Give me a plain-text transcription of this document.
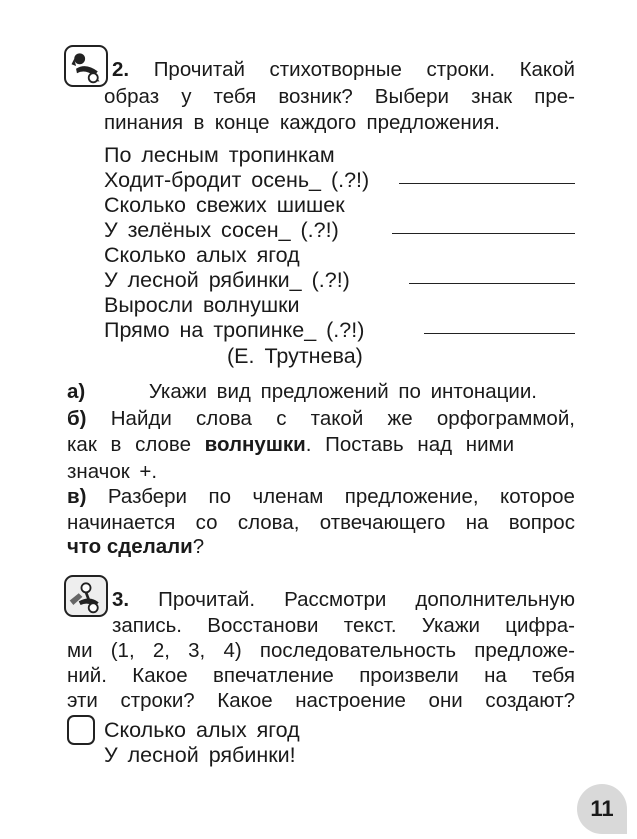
2. Прочитай стихотворные строки. Какой
образ у тебя возник? Выбери знак пре-
пинания в конце каждого предложения.
По лесным тропинкам
Ходит-бродит осень_ (.?!)
Сколько свежих шишек
У зелёных сосен_ (.?!)
Сколько алых ягод
У лесной рябинки_ (.?!)
Выросли волнушки
Прямо на тропинке_ (.?!)
(Е. Трутнева)
а)	Укажи вид предложений по интонации.
б) Найди слова с такой же орфограммой,
как в слове волнушки. Поставь над ними
значок +.
в) Разбери по членам предложение, которое
начинается со слова, отвечающего на вопрос
что сделали?
3. Прочитай. Рассмотри дополнительную
запись. Восстанови текст. Укажи цифра-
ми (1, 2, 3, 4) последовательность предложе-
ний. Какое впечатление произвели на тебя
эти строки? Какое настроение они создают?
Сколько алых ягод
У лесной рябинки!
11
